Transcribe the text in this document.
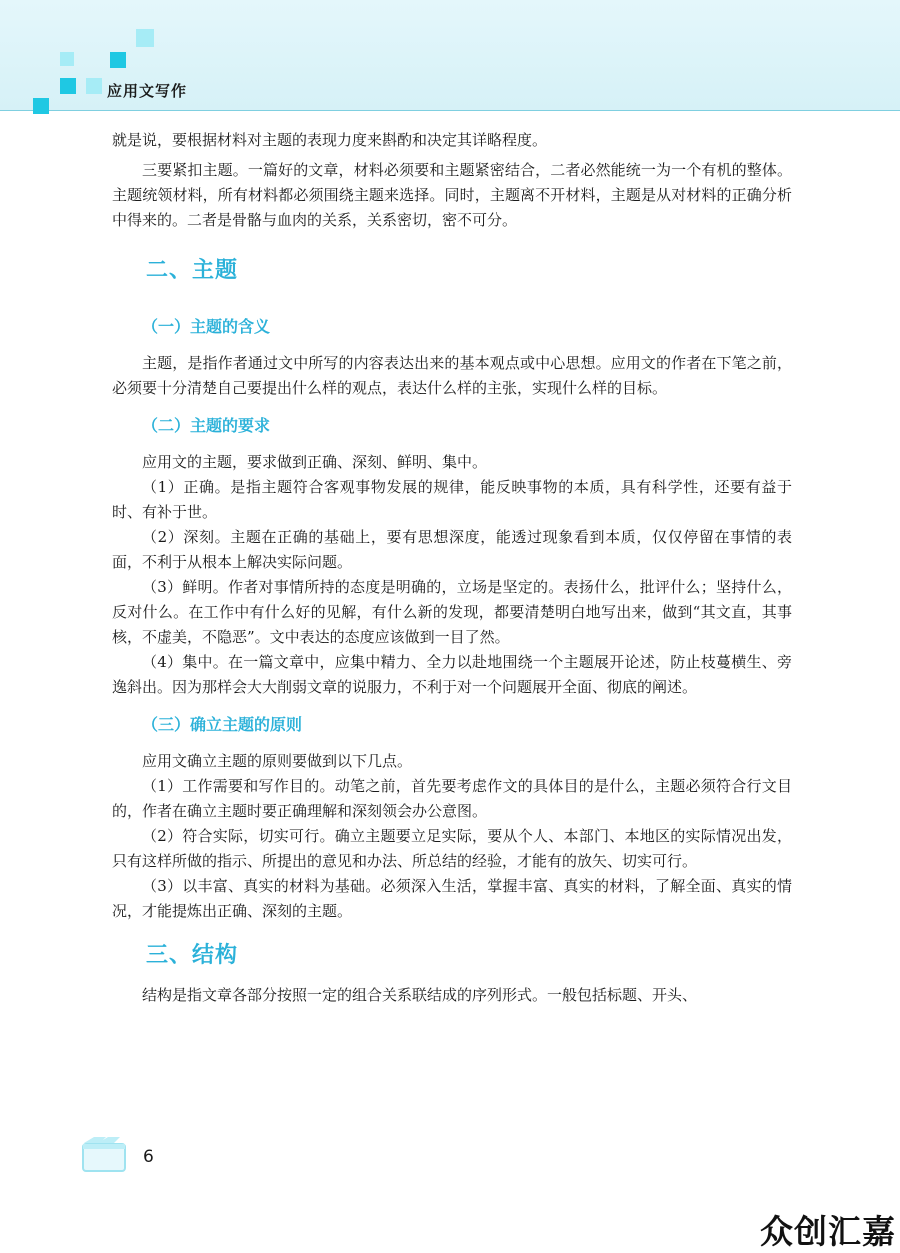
应用文写作

就是说，要根据材料对主题的表现力度来斟酌和决定其详略程度。

三要紧扣主题。一篇好的文章，材料必须要和主题紧密结合，二者必然能统一为一个有机的整体。主题统领材料，所有材料都必须围绕主题来选择。同时，主题离不开材料，主题是从对材料的正确分析中得来的。二者是骨骼与血肉的关系，关系密切，密不可分。

二、主题
（一）主题的含义

主题，是指作者通过文中所写的内容表达出来的基本观点或中心思想。应用文的作者在下笔之前，必须要十分清楚自己要提出什么样的观点，表达什么样的主张，实现什么样的目标。

（二）主题的要求

应用文的主题，要求做到正确、深刻、鲜明、集中。

（1）正确。是指主题符合客观事物发展的规律，能反映事物的本质，具有科学性，还要有益于时、有补于世。

（2）深刻。主题在正确的基础上，要有思想深度，能透过现象看到本质，仅仅停留在事情的表面，不利于从根本上解决实际问题。

（3）鲜明。作者对事情所持的态度是明确的，立场是坚定的。表扬什么，批评什么；坚持什么，反对什么。在工作中有什么好的见解，有什么新的发现，都要清楚明白地写出来，做到“其文直，其事核，不虚美，不隐恶”。文中表达的态度应该做到一目了然。

（4）集中。在一篇文章中，应集中精力、全力以赴地围绕一个主题展开论述，防止枝蔓横生、旁逸斜出。因为那样会大大削弱文章的说服力，不利于对一个问题展开全面、彻底的阐述。

（三）确立主题的原则

应用文确立主题的原则要做到以下几点。

（1）工作需要和写作目的。动笔之前，首先要考虑作文的具体目的是什么，主题必须符合行文目的，作者在确立主题时要正确理解和深刻领会办公意图。

（2）符合实际，切实可行。确立主题要立足实际，要从个人、本部门、本地区的实际情况出发，只有这样所做的指示、所提出的意见和办法、所总结的经验，才能有的放矢、切实可行。

（3）以丰富、真实的材料为基础。必须深入生活，掌握丰富、真实的材料，了解全面、真实的情况，才能提炼出正确、深刻的主题。

三、结构

结构是指文章各部分按照一定的组合关系联结成的序列形式。一般包括标题、开头、

6
众创汇嘉
